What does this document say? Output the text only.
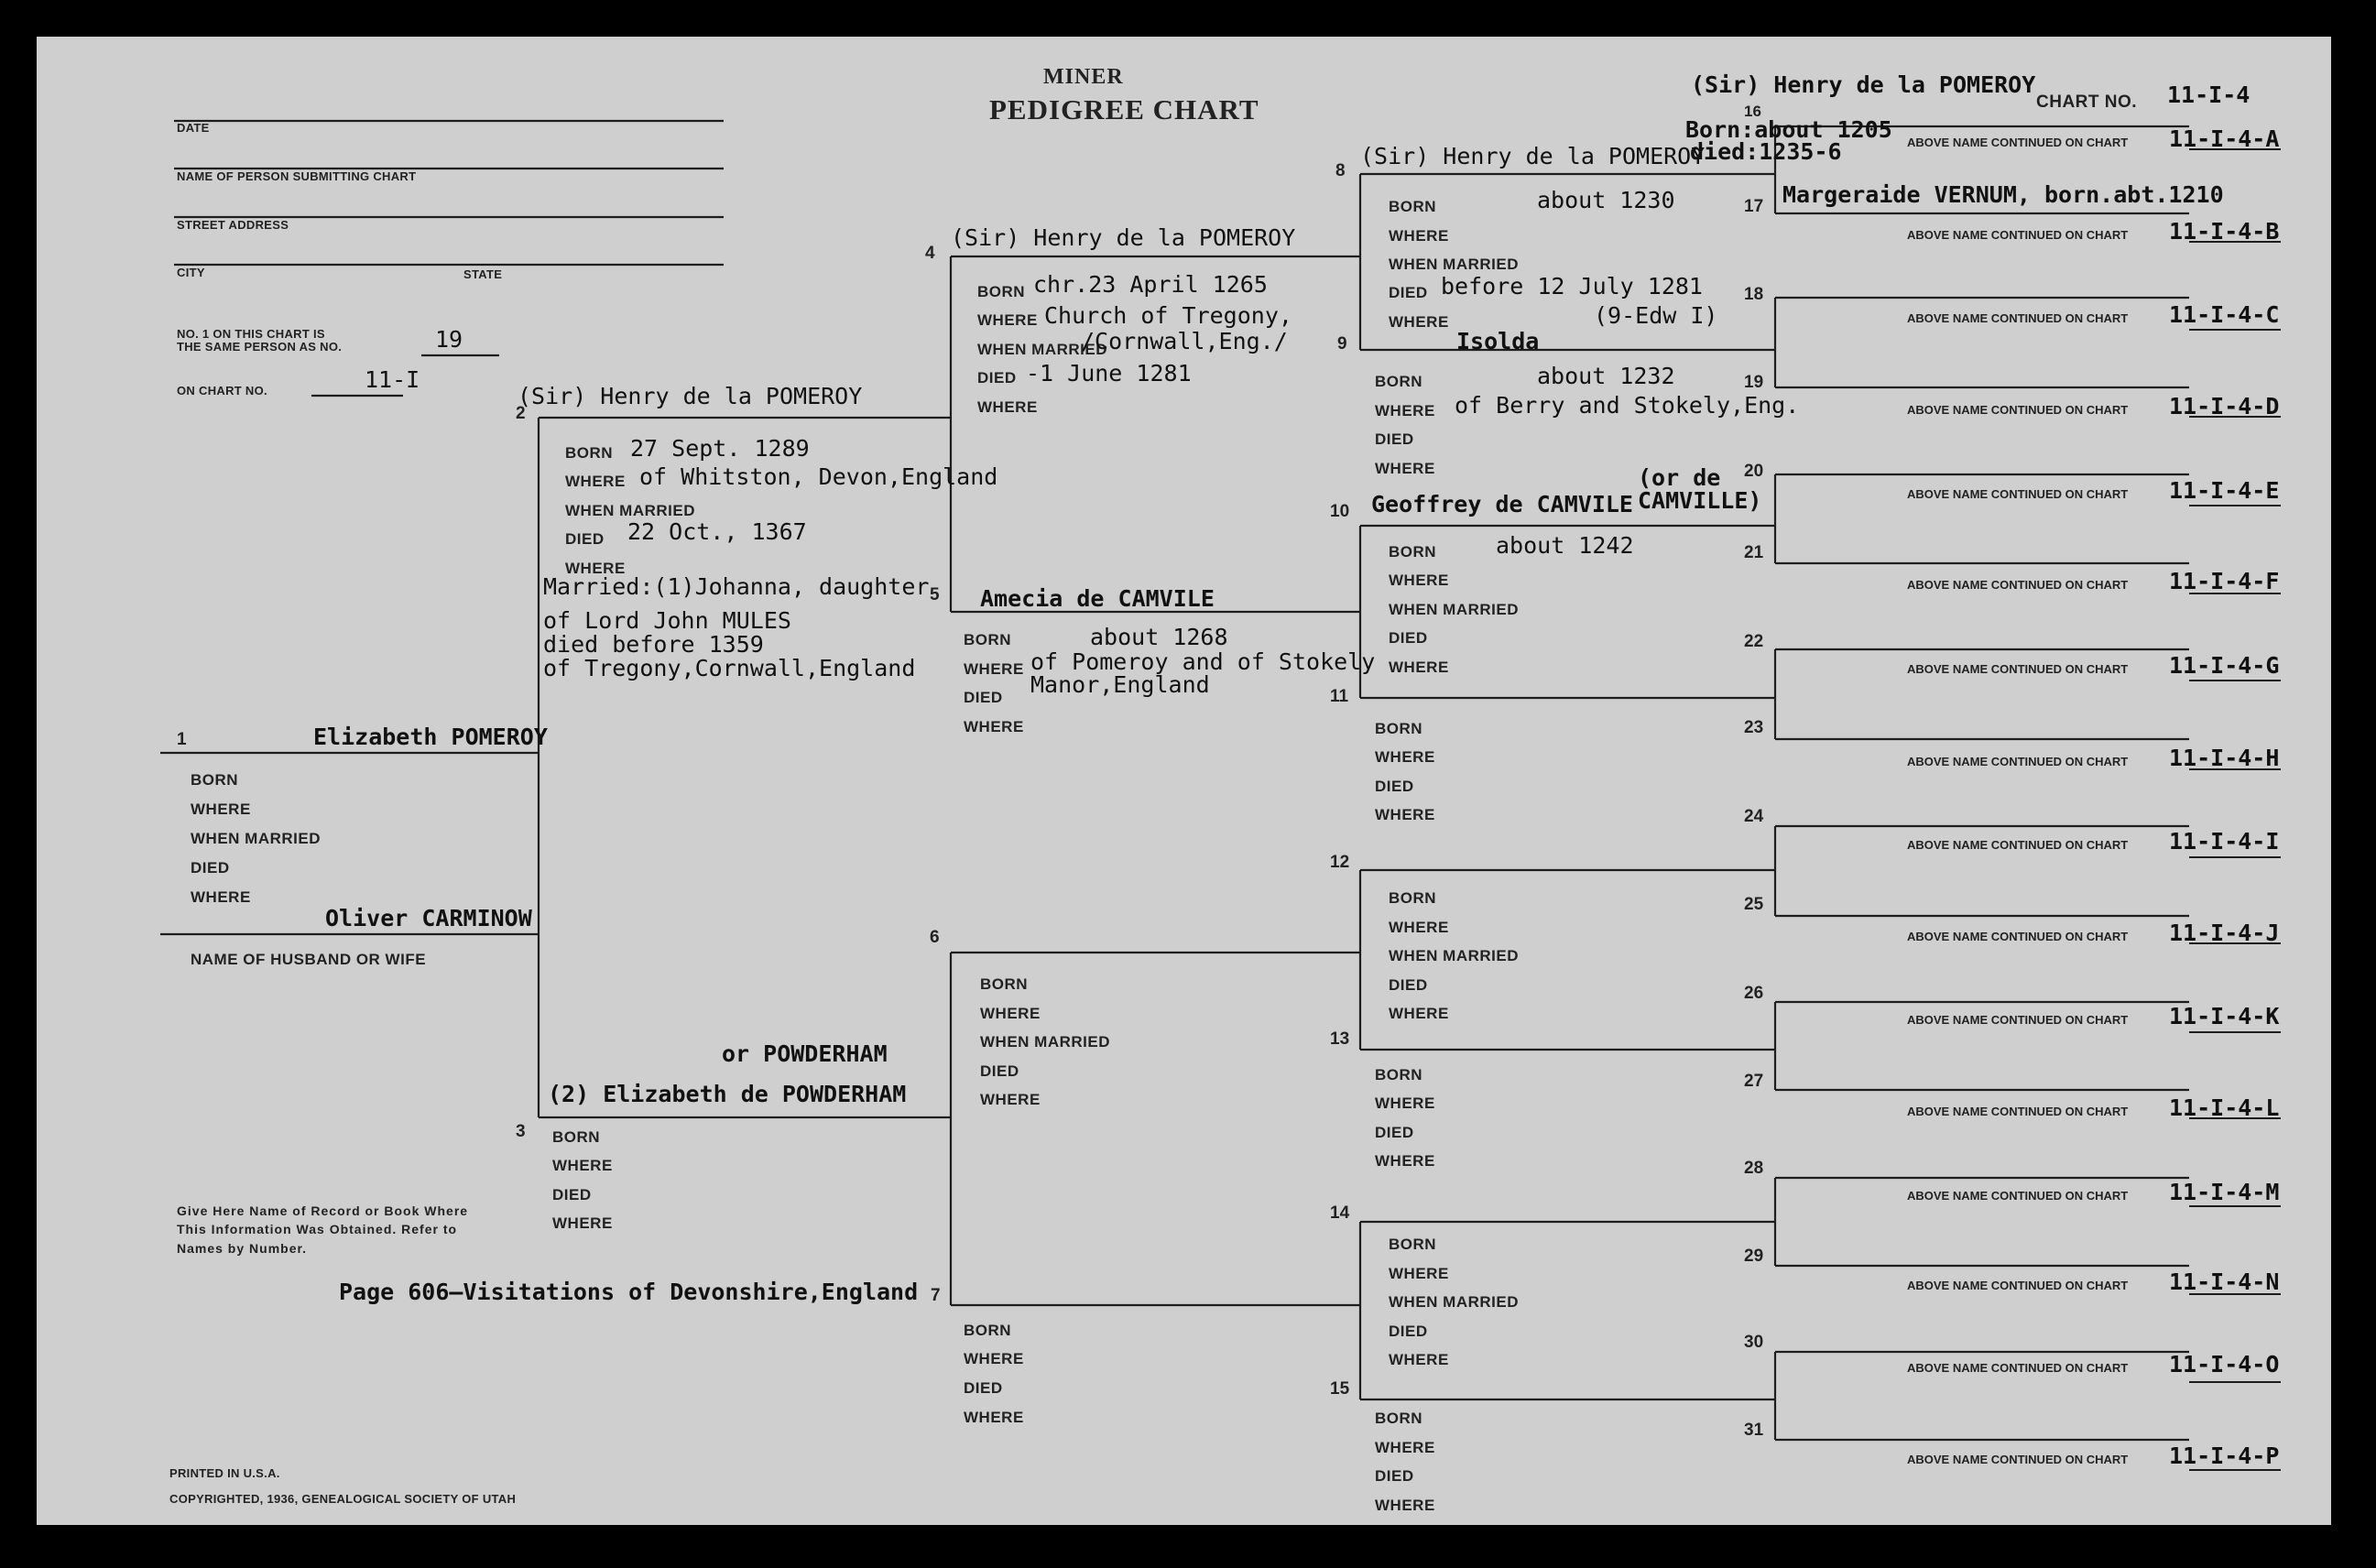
MINER
PEDIGREE CHART	CHART NO. 11-I-4
DATE
NAME OF PERSON SUBMITTING CHART
STREET ADDRESS
CITY	STATE
NO. 1 ON THIS CHART IS
THE SAME PERSON AS NO.	19
ON CHART NO.	11-I
1	Elizabeth POMEROY
BORN
WHERE
WHEN MARRIED
DIED
WHERE
Oliver CARMINOW
NAME OF HUSBAND OR WIFE
2
(Sir) Henry de la POMEROY
BORN 27 Sept. 1289
WHERE of Whitston, Devon,England
WHEN MARRIED
DIED 22 Oct., 1367
WHERE
Married:(1)Johanna, daughter
of Lord John MULES
died before 1359
of Tregony,Cornwall,England
3
or POWDERHAM
(2) Elizabeth de POWDERHAM
BORN
WHERE
DIED
WHERE
4
(Sir) Henry de la POMEROY
BORN chr.23 April 1265
WHERE Church of Tregony,
WHEN MARRIED
/Cornwall,Eng./
DIED -1 June 1281
WHERE
5 Amecia de CAMVILE
BORN	about 1268
WHERE of Pomeroy and of Stokely
Manor,England
DIED
WHERE
6
BORN
WHERE
WHEN MARRIED
DIED
WHERE
7
BORN
WHERE
DIED
WHERE
8
(Sir) Henry de la POMEROY
BORN	about 1230
WHERE
WHEN MARRIED
DIED before 12 July 1281
WHERE	(9-Edw I)
9	Isolda
BORN	about 1232
WHERE of Berry and Stokely,Eng.
DIED
WHERE
10 Geoffrey de CAMVILE
(or de
CAMVILLE)
BORN	about 1242
WHERE
WHEN MARRIED
DIED
WHERE
11
BORN
WHERE
DIED
WHERE
12
BORN
WHERE
WHEN MARRIED
DIED
WHERE
13
BORN
WHERE
DIED
WHERE
14
BORN
WHERE
WHEN MARRIED
DIED
WHERE
15
BORN
WHERE
DIED
WHERE
(Sir) Henry de la POMEROY
16
Born:about 1205
died:1235-6
17 Margeraide VERNUM, born.abt.1210
18
19
20
21
22
23
24
25
26
27
28
29
30
31
ABOVE NAME CONTINUED ON CHART 11-I-4-A
ABOVE NAME CONTINUED ON CHART 11-I-4-B
ABOVE NAME CONTINUED ON CHART 11-I-4-C
ABOVE NAME CONTINUED ON CHART 11-I-4-D
ABOVE NAME CONTINUED ON CHART 11-I-4-E
ABOVE NAME CONTINUED ON CHART 11-I-4-F
ABOVE NAME CONTINUED ON CHART 11-I-4-G
ABOVE NAME CONTINUED ON CHART 11-I-4-H
ABOVE NAME CONTINUED ON CHART 11-I-4-I
ABOVE NAME CONTINUED ON CHART 11-I-4-J
ABOVE NAME CONTINUED ON CHART 11-I-4-K
ABOVE NAME CONTINUED ON CHART 11-I-4-L
ABOVE NAME CONTINUED ON CHART 11-I-4-M
ABOVE NAME CONTINUED ON CHART 11-I-4-N
ABOVE NAME CONTINUED ON CHART 11-I-4-O
ABOVE NAME CONTINUED ON CHART 11-I-4-P
Give Here Name of Record or Book Where This Information Was Obtained. Refer to Names by Number.
Page 606—Visitations of Devonshire,England
PRINTED IN U.S.A.
COPYRIGHTED, 1936, GENEALOGICAL SOCIETY OF UTAH
